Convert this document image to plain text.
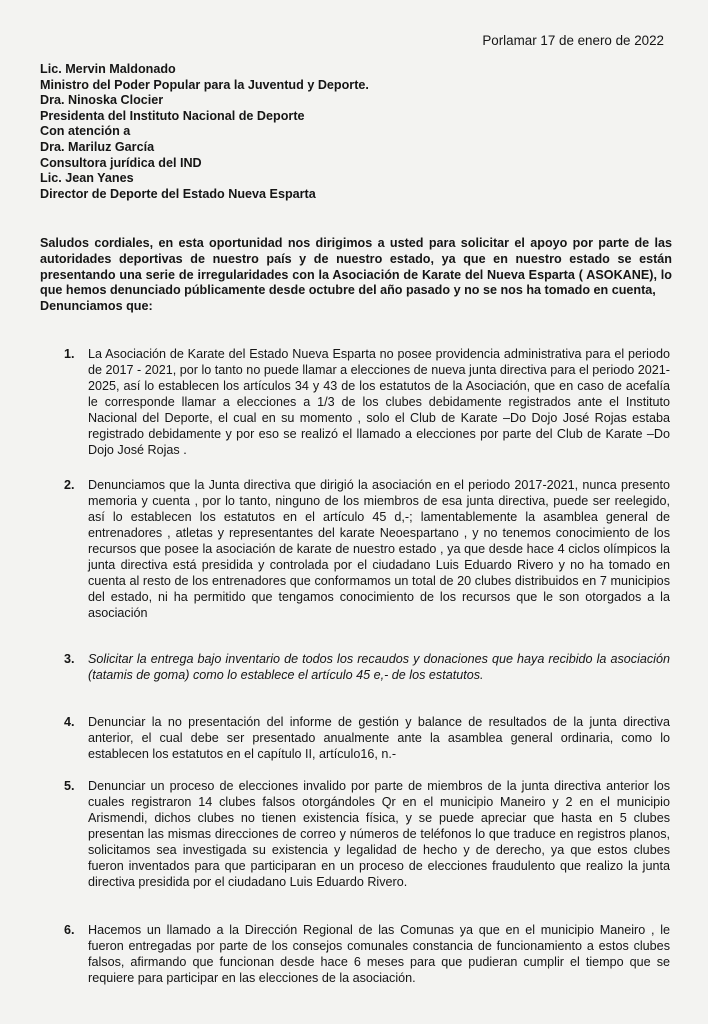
Porlamar 17 de enero de 2022
Lic. Mervin Maldonado
Ministro del Poder Popular para la Juventud y Deporte.
Dra. Ninoska Clocier
Presidenta del Instituto Nacional de Deporte
Con atención a
Dra. Mariluz García
Consultora jurídica del IND
Lic. Jean Yanes
Director de Deporte del Estado Nueva Esparta

Saludos cordiales, en esta oportunidad nos dirigimos a usted para solicitar el apoyo por parte de las autoridades deportivas de nuestro país y de nuestro estado, ya que en nuestro estado se están presentando una serie de irregularidades con la Asociación de Karate del Nueva Esparta ( ASOKANE), lo que hemos denunciado públicamente desde octubre del año pasado y no se nos ha tomado en cuenta,

Denunciamos que:

1. La Asociación de Karate del Estado Nueva Esparta no posee providencia administrativa para el periodo de 2017 - 2021, por lo tanto no puede llamar a elecciones de nueva junta directiva para el periodo 2021-2025, así lo establecen los artículos 34 y 43 de los estatutos de la Asociación, que en caso de acefalía le corresponde llamar a elecciones a 1/3 de los clubes debidamente registrados ante el Instituto Nacional del Deporte, el cual en su momento , solo el Club de Karate –Do Dojo José Rojas estaba registrado debidamente y por eso se realizó el llamado a elecciones por parte del Club de Karate –Do Dojo José Rojas .
2. Denunciamos que la Junta directiva que dirigió la asociación en el periodo 2017-2021, nunca presento memoria y cuenta , por lo tanto, ninguno de los miembros de esa junta directiva, puede ser reelegido, así lo establecen los estatutos en el artículo 45 d,-; lamentablemente la asamblea general de entrenadores , atletas y representantes del karate Neoespartano , y no tenemos conocimiento de los recursos que posee la asociación de karate de nuestro estado , ya que desde hace 4 ciclos olímpicos la junta directiva está presidida y controlada por el ciudadano Luis Eduardo Rivero y no ha tomado en cuenta al resto de los entrenadores que conformamos un total de 20 clubes distribuidos en 7 municipios del estado, ni ha permitido que tengamos conocimiento de los recursos que le son otorgados a la asociación
3. Solicitar la entrega bajo inventario de todos los recaudos y donaciones que haya recibido la asociación (tatamis de goma) como lo establece el artículo 45 e,- de los estatutos.
4. Denunciar la no presentación del informe de gestión y balance de resultados de la junta directiva anterior, el cual debe ser presentado anualmente ante la asamblea general ordinaria, como lo establecen los estatutos en el capítulo II, artículo16, n.-
5. Denunciar un proceso de elecciones invalido por parte de miembros de la junta directiva anterior los cuales registraron 14 clubes falsos otorgándoles Qr en el municipio Maneiro y 2 en el municipio Arismendi, dichos clubes no tienen existencia física, y se puede apreciar que hasta en 5 clubes presentan las mismas direcciones de correo y números de teléfonos lo que traduce en registros planos, solicitamos sea investigada su existencia y legalidad de hecho y de derecho, ya que estos clubes fueron inventados para que participaran en un proceso de elecciones fraudulento que realizo la junta directiva presidida por el ciudadano Luis Eduardo Rivero.
6. Hacemos un llamado a la Dirección Regional de las Comunas ya que en el municipio Maneiro , le fueron entregadas por parte de los consejos comunales constancia de funcionamiento a estos clubes falsos, afirmando que funcionan desde hace 6 meses para que pudieran cumplir el tiempo que se requiere para participar en las elecciones de la asociación.
